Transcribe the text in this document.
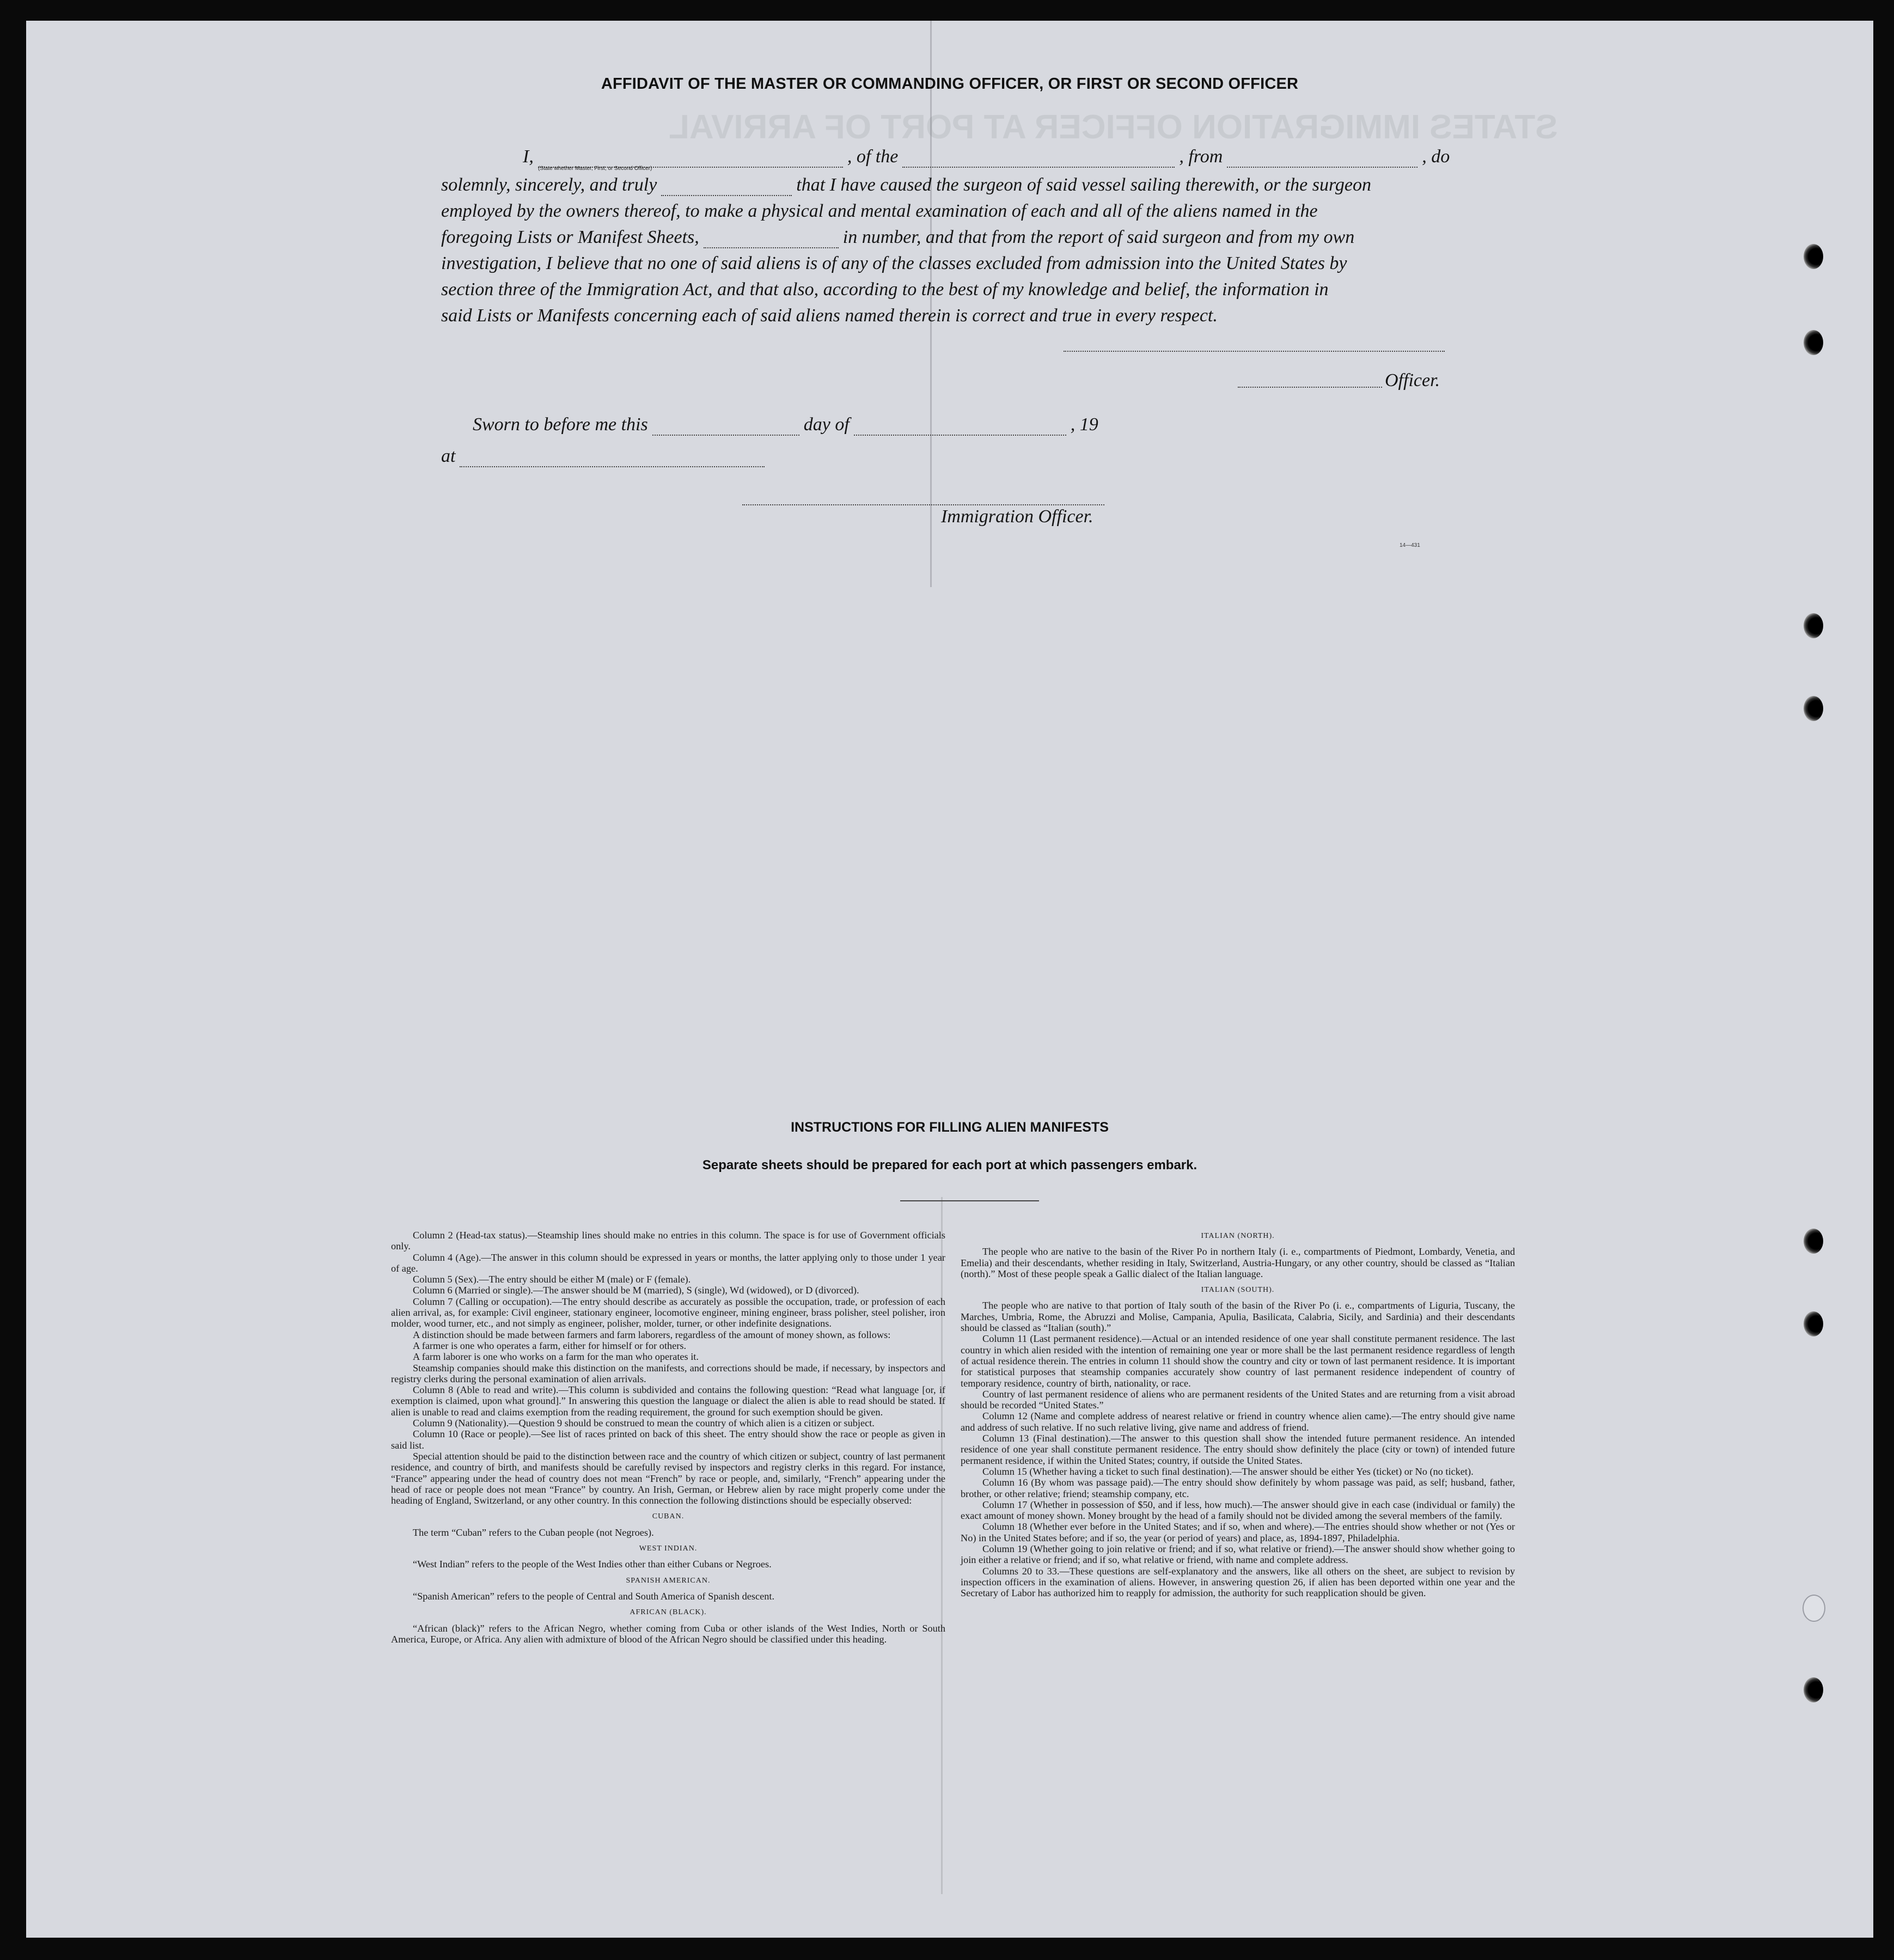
STATES IMMIGRATION OFFICER AT PORT OF ARRIVAL
AFFIDAVIT OF THE MASTER OR COMMANDING OFFICER, OR FIRST OR SECOND OFFICER
I,	, of the	, from	, do
(State whether Master, First, or Second Officer)
solemnly, sincerely, and truly	that I have caused the surgeon of said vessel sailing therewith, or the surgeon
employed by the owners thereof, to make a physical and mental examination of each and all of the aliens named in the
foregoing Lists or Manifest Sheets,	in number, and that from the report of said surgeon and from my own
investigation, I believe that no one of said aliens is of any of the classes excluded from admission into the United States by
section three of the Immigration Act, and that also, according to the best of my knowledge and belief, the information in
said Lists or Manifests concerning each of said aliens named therein is correct and true in every respect.
Officer.
Sworn to before me this	day of	, 19
at
Immigration Officer.
14—431
INSTRUCTIONS FOR FILLING ALIEN MANIFESTS
Separate sheets should be prepared for each port at which passengers embark.

Column 2 (Head-tax status).—Steamship lines should make no entries in this column. The space is for use of Government officials only.

Column 4 (Age).—The answer in this column should be expressed in years or months, the latter applying only to those under 1 year of age.

Column 5 (Sex).—The entry should be either M (male) or F (female).

Column 6 (Married or single).—The answer should be M (married), S (single), Wd (widowed), or D (divorced).

Column 7 (Calling or occupation).—The entry should describe as accurately as possible the occupation, trade, or profession of each alien arrival, as, for example: Civil engineer, stationary engineer, locomotive engineer, mining engineer, brass polisher, steel polisher, iron molder, wood turner, etc., and not simply as engineer, polisher, molder, turner, or other indefinite designations.

A distinction should be made between farmers and farm laborers, regardless of the amount of money shown, as follows:

A farmer is one who operates a farm, either for himself or for others.

A farm laborer is one who works on a farm for the man who operates it.

Steamship companies should make this distinction on the manifests, and corrections should be made, if necessary, by inspectors and registry clerks during the personal examination of alien arrivals.

Column 8 (Able to read and write).—This column is subdivided and contains the following question: “Read what language [or, if exemption is claimed, upon what ground].” In answering this question the language or dialect the alien is able to read should be stated. If alien is unable to read and claims exemption from the reading requirement, the ground for such exemption should be given.

Column 9 (Nationality).—Question 9 should be construed to mean the country of which alien is a citizen or subject.

Column 10 (Race or people).—See list of races printed on back of this sheet. The entry should show the race or people as given in said list.

Special attention should be paid to the distinction between race and the country of which citizen or subject, country of last permanent residence, and country of birth, and manifests should be carefully revised by inspectors and registry clerks in this regard. For instance, “France” appearing under the head of country does not mean “French” by race or people, and, similarly, “French” appearing under the head of race or people does not mean “France” by country. An Irish, German, or Hebrew alien by race might properly come under the heading of England, Switzerland, or any other country. In this connection the following distinctions should be especially observed:

CUBAN.

The term “Cuban” refers to the Cuban people (not Negroes).

WEST INDIAN.

“West Indian” refers to the people of the West Indies other than either Cubans or Negroes.

SPANISH AMERICAN.

“Spanish American” refers to the people of Central and South America of Spanish descent.

AFRICAN (BLACK).

“African (black)” refers to the African Negro, whether coming from Cuba or other islands of the West Indies, North or South America, Europe, or Africa. Any alien with admixture of blood of the African Negro should be classified under this heading.

ITALIAN (NORTH).

The people who are native to the basin of the River Po in northern Italy (i. e., compartments of Piedmont, Lombardy, Venetia, and Emelia) and their descendants, whether residing in Italy, Switzerland, Austria-Hungary, or any other country, should be classed as “Italian (north).” Most of these people speak a Gallic dialect of the Italian language.

ITALIAN (SOUTH).

The people who are native to that portion of Italy south of the basin of the River Po (i. e., compartments of Liguria, Tuscany, the Marches, Umbria, Rome, the Abruzzi and Molise, Campania, Apulia, Basilicata, Calabria, Sicily, and Sardinia) and their descendants should be classed as “Italian (south).”

Column 11 (Last permanent residence).—Actual or an intended residence of one year shall constitute permanent residence. The last country in which alien resided with the intention of remaining one year or more shall be the last permanent residence regardless of length of actual residence therein. The entries in column 11 should show the country and city or town of last permanent residence. It is important for statistical purposes that steamship companies accurately show country of last permanent residence independent of country of temporary residence, country of birth, nationality, or race.

Country of last permanent residence of aliens who are permanent residents of the United States and are returning from a visit abroad should be recorded “United States.”

Column 12 (Name and complete address of nearest relative or friend in country whence alien came).—The entry should give name and address of such relative. If no such relative living, give name and address of friend.

Column 13 (Final destination).—The answer to this question shall show the intended future permanent residence. An intended residence of one year shall constitute permanent residence. The entry should show definitely the place (city or town) of intended future permanent residence, if within the United States; country, if outside the United States.

Column 15 (Whether having a ticket to such final destination).—The answer should be either Yes (ticket) or No (no ticket).

Column 16 (By whom was passage paid).—The entry should show definitely by whom passage was paid, as self; husband, father, brother, or other relative; friend; steamship company, etc.

Column 17 (Whether in possession of $50, and if less, how much).—The answer should give in each case (individual or family) the exact amount of money shown. Money brought by the head of a family should not be divided among the several members of the family.

Column 18 (Whether ever before in the United States; and if so, when and where).—The entries should show whether or not (Yes or No) in the United States before; and if so, the year (or period of years) and place, as, 1894-1897, Philadelphia.

Column 19 (Whether going to join relative or friend; and if so, what relative or friend).—The answer should show whether going to join either a relative or friend; and if so, what relative or friend, with name and complete address.

Columns 20 to 33.—These questions are self-explanatory and the answers, like all others on the sheet, are subject to revision by inspection officers in the examination of aliens. However, in answering question 26, if alien has been deported within one year and the Secretary of Labor has authorized him to reapply for admission, the authority for such reapplication should be given.
